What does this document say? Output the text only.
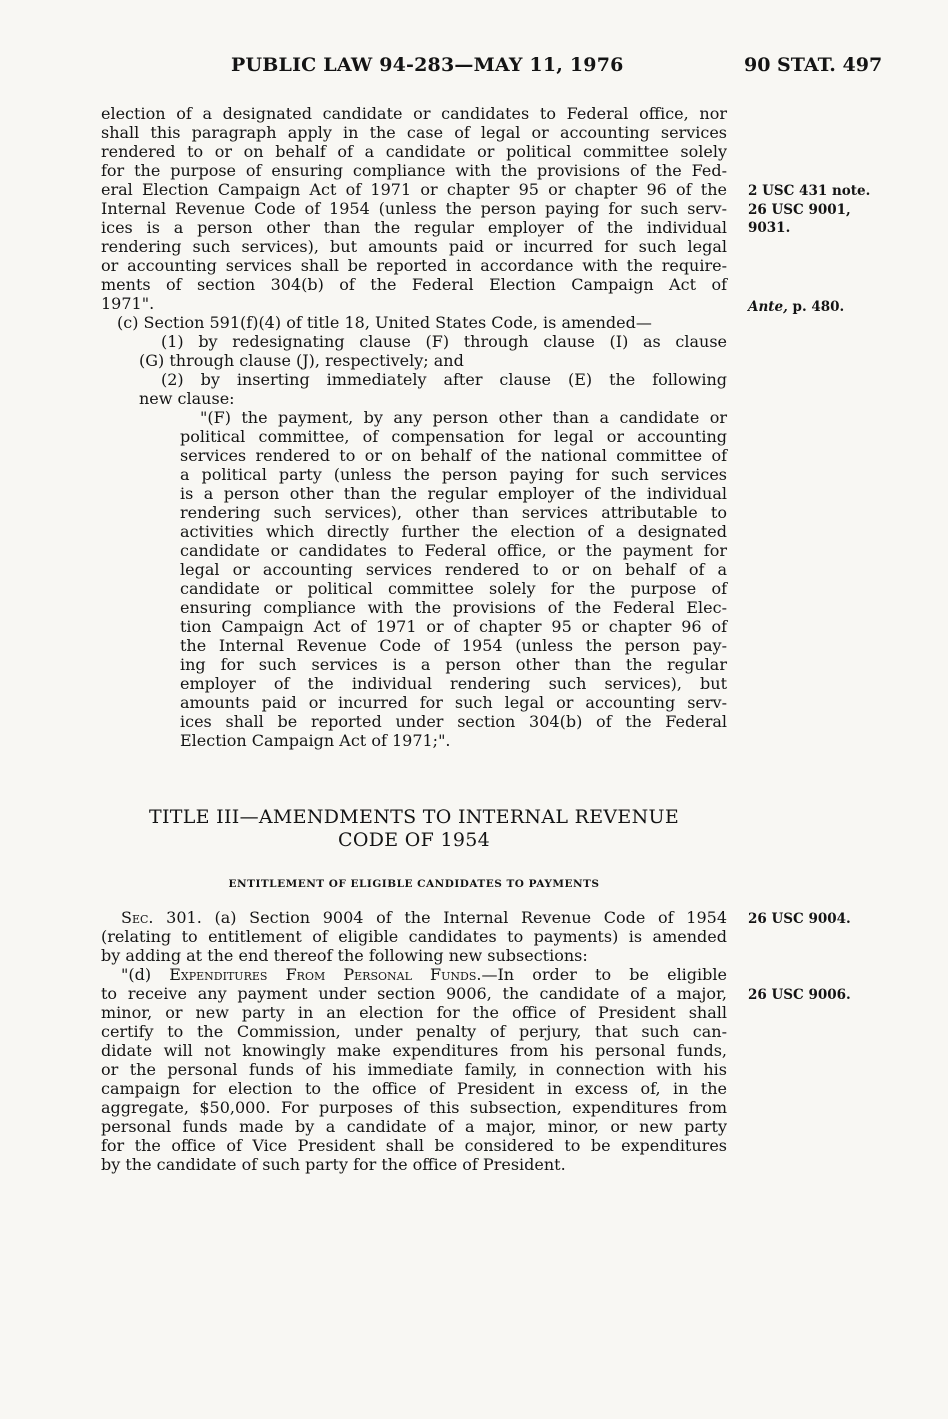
PUBLIC LAW 94-283—MAY 11, 1976	90 STAT. 497
election of a designated candidate or candidates to Federal office, nor
shall this paragraph apply in the case of legal or accounting services
rendered to or on behalf of a candidate or political committee solely
for the purpose of ensuring compliance with the provisions of the Fed-
eral Election Campaign Act of 1971 or chapter 95 or chapter 96 of the
Internal Revenue Code of 1954 (unless the person paying for such serv-
ices is a person other than the regular employer of the individual
rendering such services), but amounts paid or incurred for such legal
or accounting services shall be reported in accordance with the require-
ments of section 304(b) of the Federal Election Campaign Act of
1971".
(c) Section 591(f)(4) of title 18, United States Code, is amended—
(1) by redesignating clause (F) through clause (I) as clause
(G) through clause (J), respectively; and
(2) by inserting immediately after clause (E) the following
new clause:
"(F) the payment, by any person other than a candidate or
political committee, of compensation for legal or accounting
services rendered to or on behalf of the national committee of
a political party (unless the person paying for such services
is a person other than the regular employer of the individual
rendering such services), other than services attributable to
activities which directly further the election of a designated
candidate or candidates to Federal office, or the payment for
legal or accounting services rendered to or on behalf of a
candidate or political committee solely for the purpose of
ensuring compliance with the provisions of the Federal Elec-
tion Campaign Act of 1971 or of chapter 95 or chapter 96 of
the Internal Revenue Code of 1954 (unless the person pay-
ing for such services is a person other than the regular
employer of the individual rendering such services), but
amounts paid or incurred for such legal or accounting serv-
ices shall be reported under section 304(b) of the Federal
Election Campaign Act of 1971;".
TITLE III—AMENDMENTS TO INTERNAL REVENUE
CODE OF 1954
ENTITLEMENT OF ELIGIBLE CANDIDATES TO PAYMENTS
Sec. 301. (a) Section 9004 of the Internal Revenue Code of 1954
(relating to entitlement of eligible candidates to payments) is amended
by adding at the end thereof the following new subsections:
"(d) Expenditures From Personal Funds.—In order to be eligible
to receive any payment under section 9006, the candidate of a major,
minor, or new party in an election for the office of President shall
certify to the Commission, under penalty of perjury, that such can-
didate will not knowingly make expenditures from his personal funds,
or the personal funds of his immediate family, in connection with his
campaign for election to the office of President in excess of, in the
aggregate, $50,000. For purposes of this subsection, expenditures from
personal funds made by a candidate of a major, minor, or new party
for the office of Vice President shall be considered to be expenditures
by the candidate of such party for the office of President.
2 USC 431 note.
26 USC 9001,
9031.
Ante, p. 480.
26 USC 9004.
26 USC 9006.
